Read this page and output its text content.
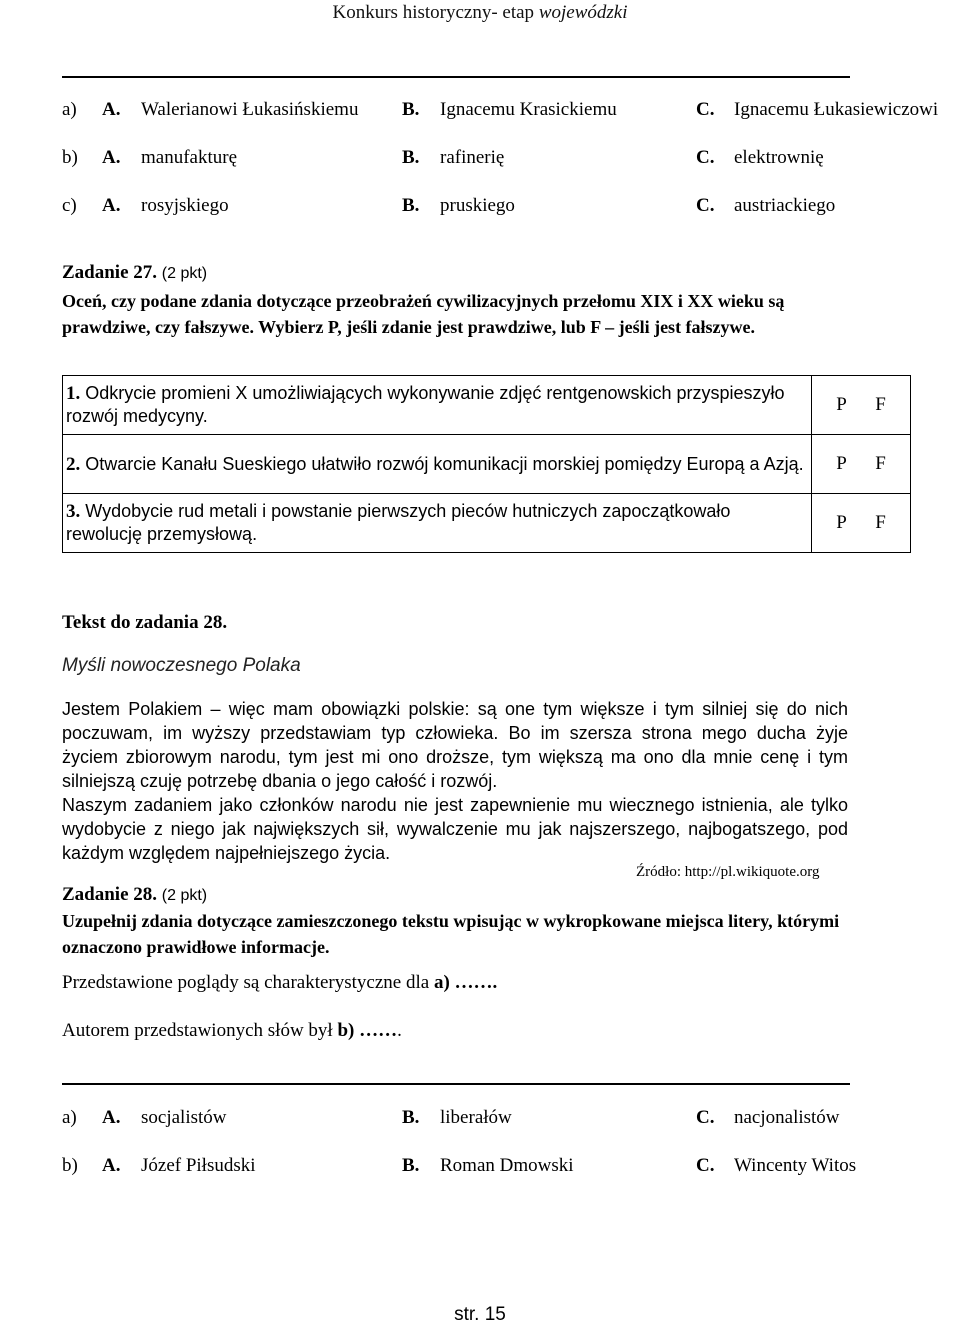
Konkurs historyczny- etap wojewódzki
a) A. Walerianowi Łukasińskiemu B. Ignacemu Krasickiemu	C. Ignacemu Łukasiewiczowi
b) A. manufakturę	B. rafinerię	C. elektrownię
c) A. rosyjskiego	B. pruskiego	C. austriackiego
Zadanie 27. (2 pkt)
Oceń, czy podane zdania dotyczące przeobrażeń cywilizacyjnych przełomu XIX i XX wieku są prawdziwe, czy fałszywe. Wybierz P, jeśli zdanie jest prawdziwe, lub F – jeśli jest fałszywe.
1. Odkrycie promieni X umożliwiających wykonywanie zdjęć rentgenowskich przyspieszyło rozwój medycyny.	P F

2. Otwarcie Kanału Sueskiego ułatwiło rozwój komunikacji morskiej pomiędzy Europą a Azją.	P F

3. Wydobycie rud metali i powstanie pierwszych pieców hutniczych zapoczątkowało rewolucję przemysłową.	P F
Tekst do zadania 28.
Myśli nowoczesnego Polaka
Jestem Polakiem – więc mam obowiązki polskie: są one tym większe i tym silniej się do nich poczuwam, im wyższy przedstawiam typ człowieka. Bo im szersza strona mego ducha żyje życiem zbiorowym narodu, tym jest mi ono droższe, tym większą ma ono dla mnie cenę i tym silniejszą czuję potrzebę dbania o jego całość i rozwój.
Naszym zadaniem jako członków narodu nie jest zapewnienie mu wiecznego istnienia, ale tylko wydobycie z niego jak największych sił, wywalczenie mu jak najszerszego, najbogatszego, pod każdym względem najpełniejszego życia.
Źródło: http://pl.wikiquote.org
Zadanie 28. (2 pkt)
Uzupełnij zdania dotyczące zamieszczonego tekstu wpisując w wykropkowane miejsca litery, którymi oznaczono prawidłowe informacje.
Przedstawione poglądy są charakterystyczne dla a) …….
Autorem przedstawionych słów był b) …….
a) A. socjalistów	B. liberałów	C. nacjonalistów
b) A. Józef Piłsudski	B. Roman Dmowski	C. Wincenty Witos
str. 15
